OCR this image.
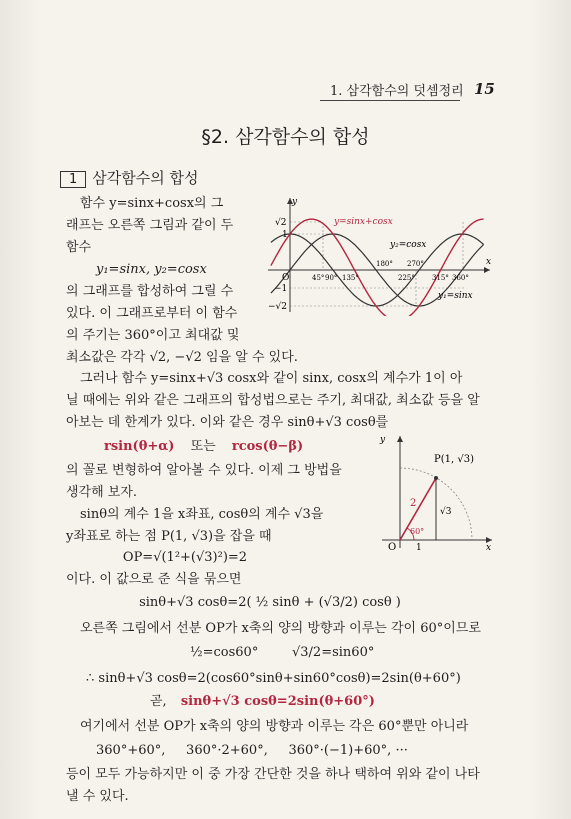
1. 삼각함수의 덧셈정리 15
§2. 삼각함수의 합성
1 삼각함수의 합성
함수 y=sinx+cosx의 그
래프는 오른쪽 그림과 같이 두
함수
y₁=sinx, y₂=cosx
의 그래프를 합성하여 그릴 수
있다. 이 그래프로부터 이 함수
의 주기는 360°이고 최대값 및
최소값은 각각 √2, −√2 임을 알 수 있다.
y
x
O
√2
1
−1
−√2
y=sinx+cosx
y₂=cosx
y₁=sinx
45° 90° 135°
180°
225°
270°
315° 360°
그러나 함수 y=sinx+√3 cosx와 같이 sinx, cosx의 계수가 1이 아
닐 때에는 위와 같은 그래프의 합성법으로는 주기, 최대값, 최소값 등을 알
아보는 데 한계가 있다. 이와 같은 경우 sinθ+√3 cosθ를
rsin(θ+α) 또는 rcos(θ−β)
의 꼴로 변형하여 알아볼 수 있다. 이제 그 방법을
생각해 보자.
sinθ의 계수 1을 x좌표, cosθ의 계수 √3을
y좌표로 하는 점 P(1, √3)을 잡을 때
y
x
O
P(1, √3)
2
√3
1
60°
OP=√(1²+(√3)²)=2
이다. 이 값으로 준 식을 묶으면
sinθ+√3 cosθ=2( ½ sinθ + (√3/2) cosθ )
오른쪽 그림에서 선분 OP가 x축의 양의 방향과 이루는 각이 60°이므로
½=cos60°	√3/2=sin60°
∴ sinθ+√3 cosθ=2(cos60°sinθ+sin60°cosθ)=2sin(θ+60°)
곧, sinθ+√3 cosθ=2sin(θ+60°)
여기에서 선분 OP가 x축의 양의 방향과 이루는 각은 60°뿐만 아니라
360°+60°,     360°·2+60°,     360°·(−1)+60°, ···
등이 모두 가능하지만 이 중 가장 간단한 것을 하나 택하여 위와 같이 나타
낼 수 있다.
